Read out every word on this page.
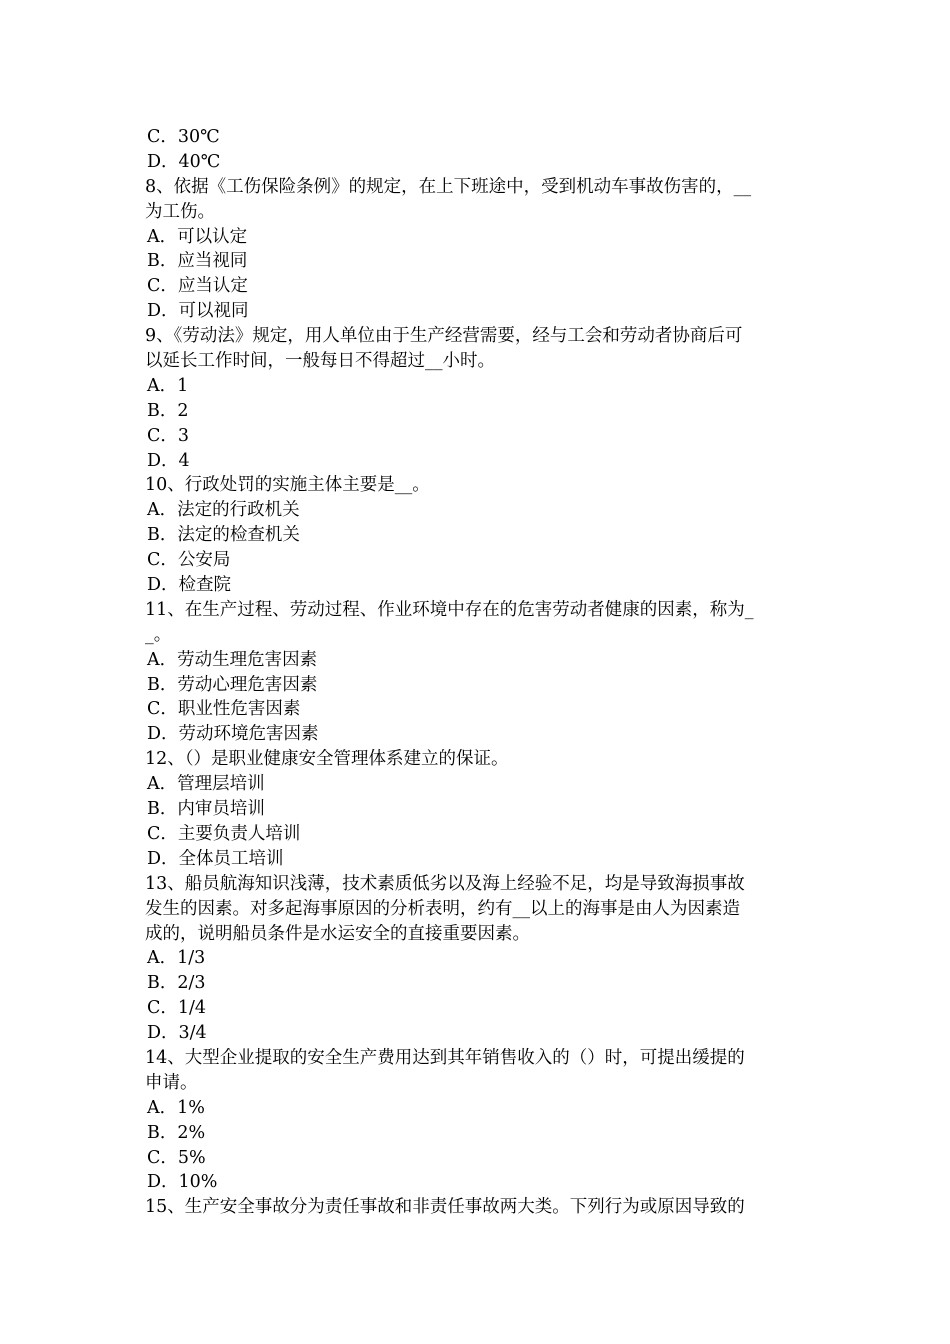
C．30℃
D．40℃
8、依据《工伤保险条例》的规定，在上下班途中，受到机动车事故伤害的，__
为工伤。
A．可以认定
B．应当视同
C．应当认定
D．可以视同
9、《劳动法》规定，用人单位由于生产经营需要，经与工会和劳动者协商后可
以延长工作时间，一般每日不得超过__小时。
A．1
B．2
C．3
D．4
10、行政处罚的实施主体主要是__。
A．法定的行政机关
B．法定的检查机关
C．公安局
D．检查院
11、在生产过程、劳动过程、作业环境中存在的危害劳动者健康的因素，称为_
_。
A．劳动生理危害因素
B．劳动心理危害因素
C．职业性危害因素
D．劳动环境危害因素
12、（）是职业健康安全管理体系建立的保证。
A．管理层培训
B．内审员培训
C．主要负责人培训
D．全体员工培训
13、船员航海知识浅薄，技术素质低劣以及海上经验不足，均是导致海损事故
发生的因素。对多起海事原因的分析表明，约有__以上的海事是由人为因素造
成的，说明船员条件是水运安全的直接重要因素。
A．1/3
B．2/3
C．1/4
D．3/4
14、大型企业提取的安全生产费用达到其年销售收入的（）时，可提出缓提的
申请。
A．1%
B．2%
C．5%
D．10%
15、生产安全事故分为责任事故和非责任事故两大类。下列行为或原因导致的
